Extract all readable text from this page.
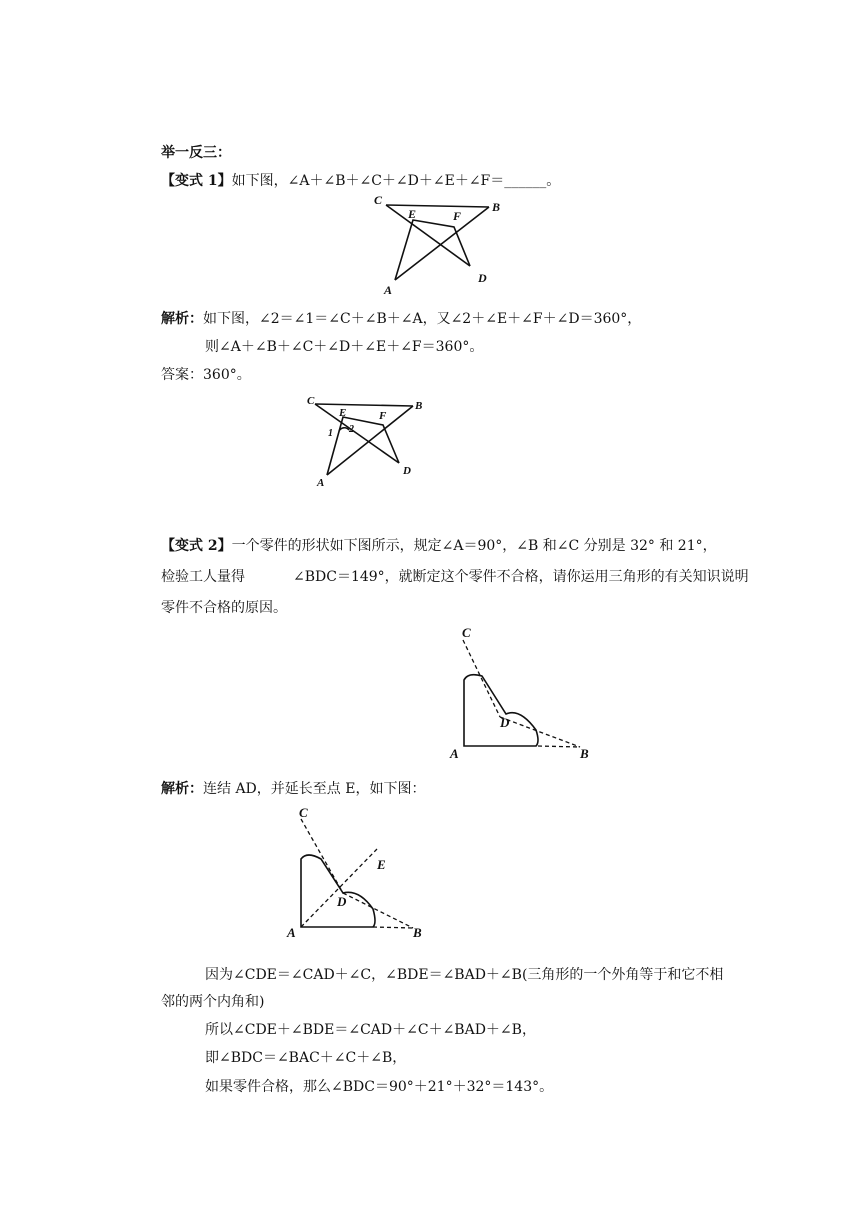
举一反三：
【变式 1】如下图，∠A＋∠B＋∠C＋∠D＋∠E＋∠F＝______。
C
E	F
B
A
D
解析：如下图，∠2＝∠1＝∠C＋∠B＋∠A，又∠2＋∠E＋∠F＋∠D＝360°，
则∠A＋∠B＋∠C＋∠D＋∠E＋∠F＝360°。
答案：360°。
C
E	F
B
1 2
A
D
【变式 2】一个零件的形状如下图所示，规定∠A＝90°，∠B 和∠C 分别是 32° 和 21°，
检验工人量得	∠BDC＝149°，就断定这个零件不合格，请你运用三角形的有关知识说明
零件不合格的原因。
C
D
A	B
解析：连结 AD，并延长至点 E，如下图：
C
E
D
A	B
因为∠CDE＝∠CAD＋∠C，∠BDE＝∠BAD＋∠B(三角形的一个外角等于和它不相
邻的两个内角和)
所以∠CDE＋∠BDE＝∠CAD＋∠C＋∠BAD＋∠B，
即∠BDC＝∠BAC＋∠C＋∠B，
如果零件合格，那么∠BDC＝90°＋21°＋32°＝143°。
